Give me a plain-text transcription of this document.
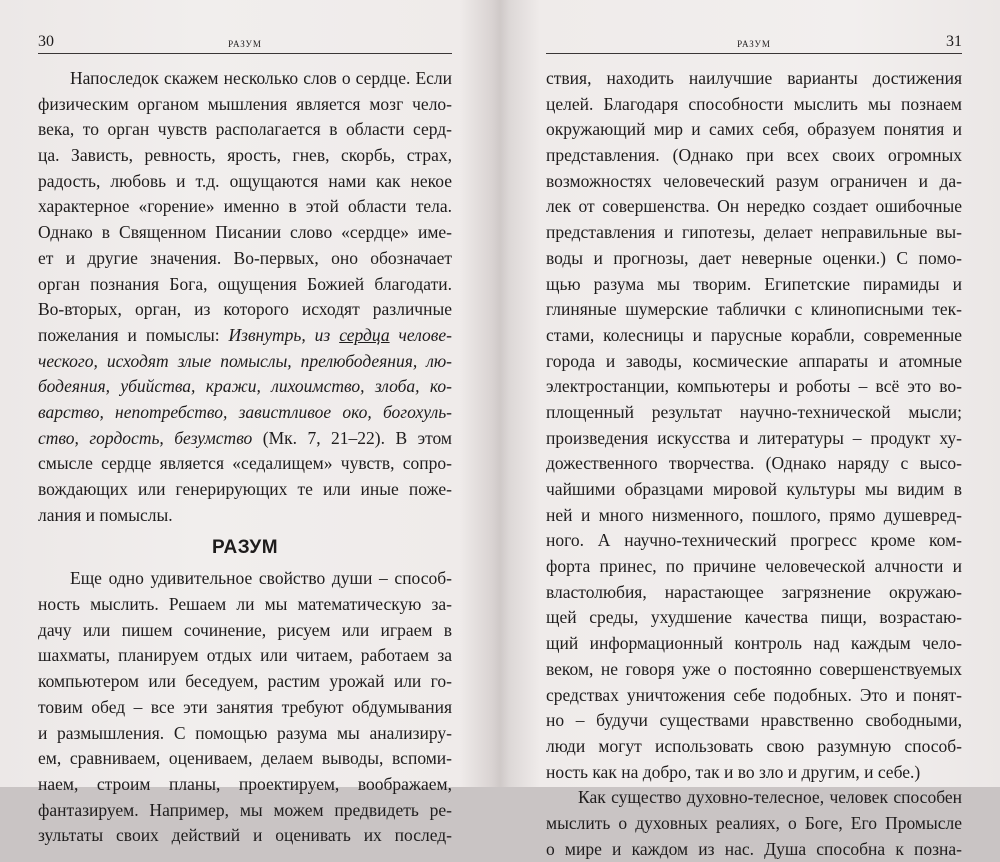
30	разум
Напоследок скажем несколько слов о сердце. Если
физическим органом мышления является мозг чело-
века, то орган чувств располагается в области серд-
ца. Зависть, ревность, ярость, гнев, скорбь, страх,
радость, любовь и т.д. ощущаются нами как некое
характерное «горение» именно в этой области тела.
Однако в Священном Писании слово «сердце» име-
ет и другие значения. Во-первых, оно обозначает
орган познания Бога, ощущения Божией благодати.
Во-вторых, орган, из которого исходят различные
пожелания и помыслы: Извнутрь, из сердца челове-
ческого, исходят злые помыслы, прелюбодеяния, лю-
бодеяния, убийства, кражи, лихоимство, злоба, ко-
варство, непотребство, завистливое око, богохуль-
ство, гордость, безумство (Мк. 7, 21–22). В этом
смысле сердце является «седалищем» чувств, сопро-
вождающих или генерирующих те или иные поже-
лания и помыслы.
РАЗУМ
Еще одно удивительное свойство души – способ-
ность мыслить. Решаем ли мы математическую за-
дачу или пишем сочинение, рисуем или играем в
шахматы, планируем отдых или читаем, работаем за
компьютером или беседуем, растим урожай или го-
товим обед – все эти занятия требуют обдумывания
и размышления. С помощью разума мы анализиру-
ем, сравниваем, оцениваем, делаем выводы, вспоми-
наем, строим планы, проектируем, воображаем,
фантазируем. Например, мы можем предвидеть ре-
зультаты своих действий и оценивать их послед-
разум	31
ствия, находить наилучшие варианты достижения
целей. Благодаря способности мыслить мы познаем
окружающий мир и самих себя, образуем понятия и
представления. (Однако при всех своих огромных
возможностях человеческий разум ограничен и да-
лек от совершенства. Он нередко создает ошибочные
представления и гипотезы, делает неправильные вы-
воды и прогнозы, дает неверные оценки.) С помо-
щью разума мы творим. Египетские пирамиды и
глиняные шумерские таблички с клинописными тек-
стами, колесницы и парусные корабли, современные
города и заводы, космические аппараты и атомные
электростанции, компьютеры и роботы – всё это во-
площенный результат научно-технической мысли;
произведения искусства и литературы – продукт ху-
дожественного творчества. (Однако наряду с высо-
чайшими образцами мировой культуры мы видим в
ней и много низменного, пошлого, прямо душевред-
ного. А научно-технический прогресс кроме ком-
форта принес, по причине человеческой алчности и
властолюбия, нарастающее загрязнение окружаю-
щей среды, ухудшение качества пищи, возрастаю-
щий информационный контроль над каждым чело-
веком, не говоря уже о постоянно совершенствуемых
средствах уничтожения себе подобных. Это и понят-
но – будучи существами нравственно свободными,
люди могут использовать свою разумную способ-
ность как на добро, так и во зло и другим, и себе.)
Как существо духовно-телесное, человек способен
мыслить о духовных реалиях, о Боге, Его Промысле
о мире и каждом из нас. Душа способна к позна-
